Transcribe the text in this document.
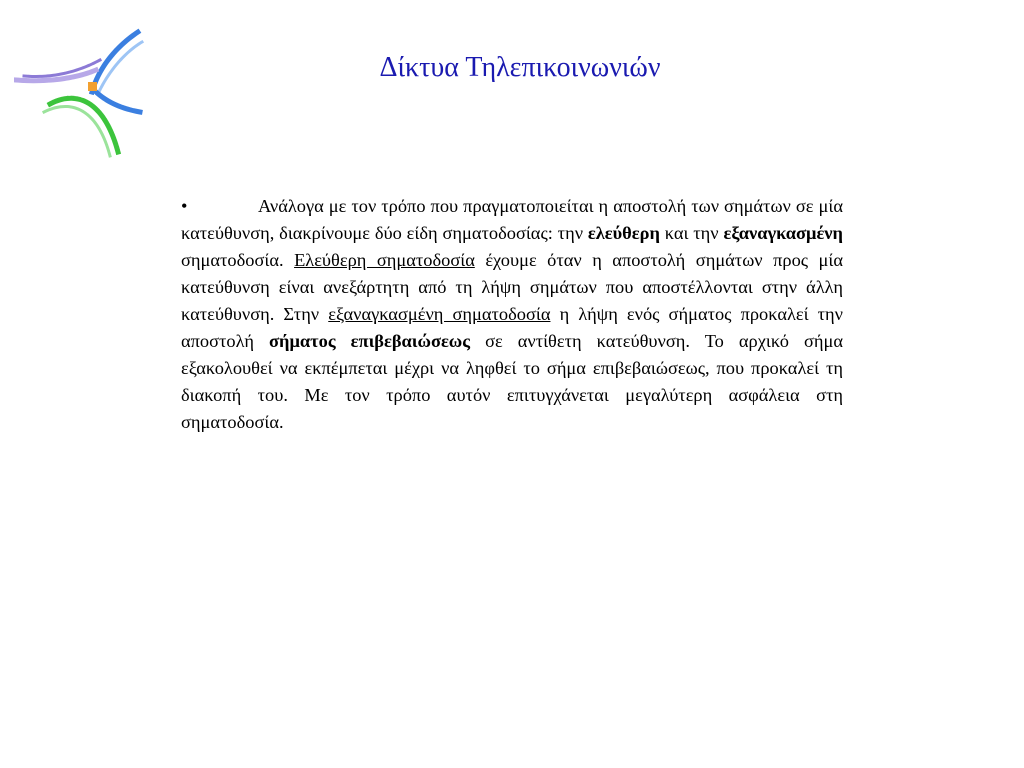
Δίκτυα Τηλεπικοινωνιών

•	Ανάλογα με τον τρόπο που πραγματοποιείται η αποστολή των σημάτων σε μία κατεύθυνση, διακρίνουμε δύο είδη σηματοδοσίας: την ελεύθερη και την εξαναγκασμένη σηματοδοσία. Ελεύθερη σηματοδοσία έχουμε όταν η αποστολή σημάτων προς μία κατεύθυνση είναι ανεξάρτητη από τη λήψη σημάτων που αποστέλλονται στην άλλη κατεύθυνση. Στην εξαναγκασμένη σηματοδοσία η λήψη ενός σήματος προκαλεί την αποστολή σήματος επιβεβαιώσεως σε αντίθετη κατεύθυνση. Το αρχικό σήμα εξακολουθεί να εκπέμπεται μέχρι να ληφθεί το σήμα επιβεβαιώσεως, που προκαλεί τη διακοπή του. Με τον τρόπο αυτόν επιτυγχάνεται μεγαλύτερη ασφάλεια στη σηματοδοσία.
